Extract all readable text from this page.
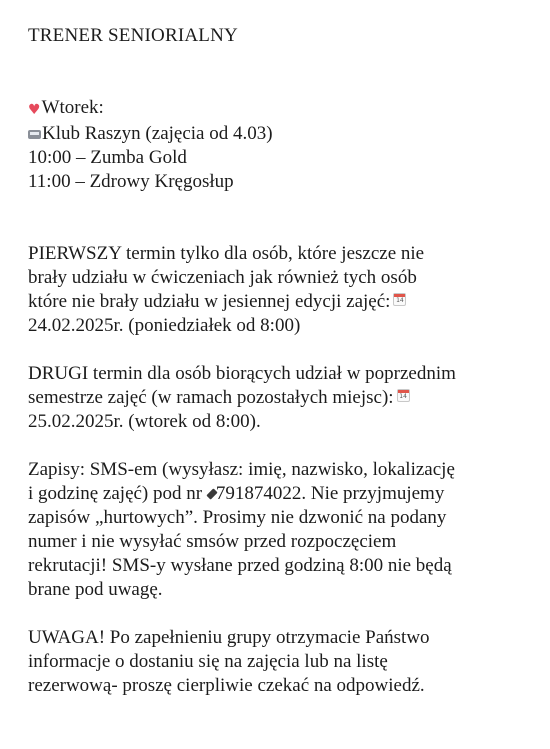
TRENER SENIORIALNY

♥Wtorek:
Klub Raszyn (zajęcia od 4.03)
10:00 – Zumba Gold
11:00 – Zdrowy Kręgosłup
PIERWSZY termin tylko dla osób, które jeszcze nie
brały udziału w ćwiczeniach jak również tych osób
które nie brały udziału w jesiennej edycji zajęć: 14
24.02.2025r. (poniedziałek od 8:00)
DRUGI termin dla osób biorących udział w poprzednim
semestrze zajęć (w ramach pozostałych miejsc): 14
25.02.2025r. (wtorek od 8:00).
Zapisy: SMS-em (wysyłasz: imię, nazwisko, lokalizację
i godzinę zajęć) pod nr 791874022. Nie przyjmujemy
zapisów „hurtowych”. Prosimy nie dzwonić na podany
numer i nie wysyłać smsów przed rozpoczęciem
rekrutacji! SMS-y wysłane przed godziną 8:00 nie będą
brane pod uwagę.
UWAGA! Po zapełnieniu grupy otrzymacie Państwo
informacje o dostaniu się na zajęcia lub na listę
rezerwową- proszę cierpliwie czekać na odpowiedź.
